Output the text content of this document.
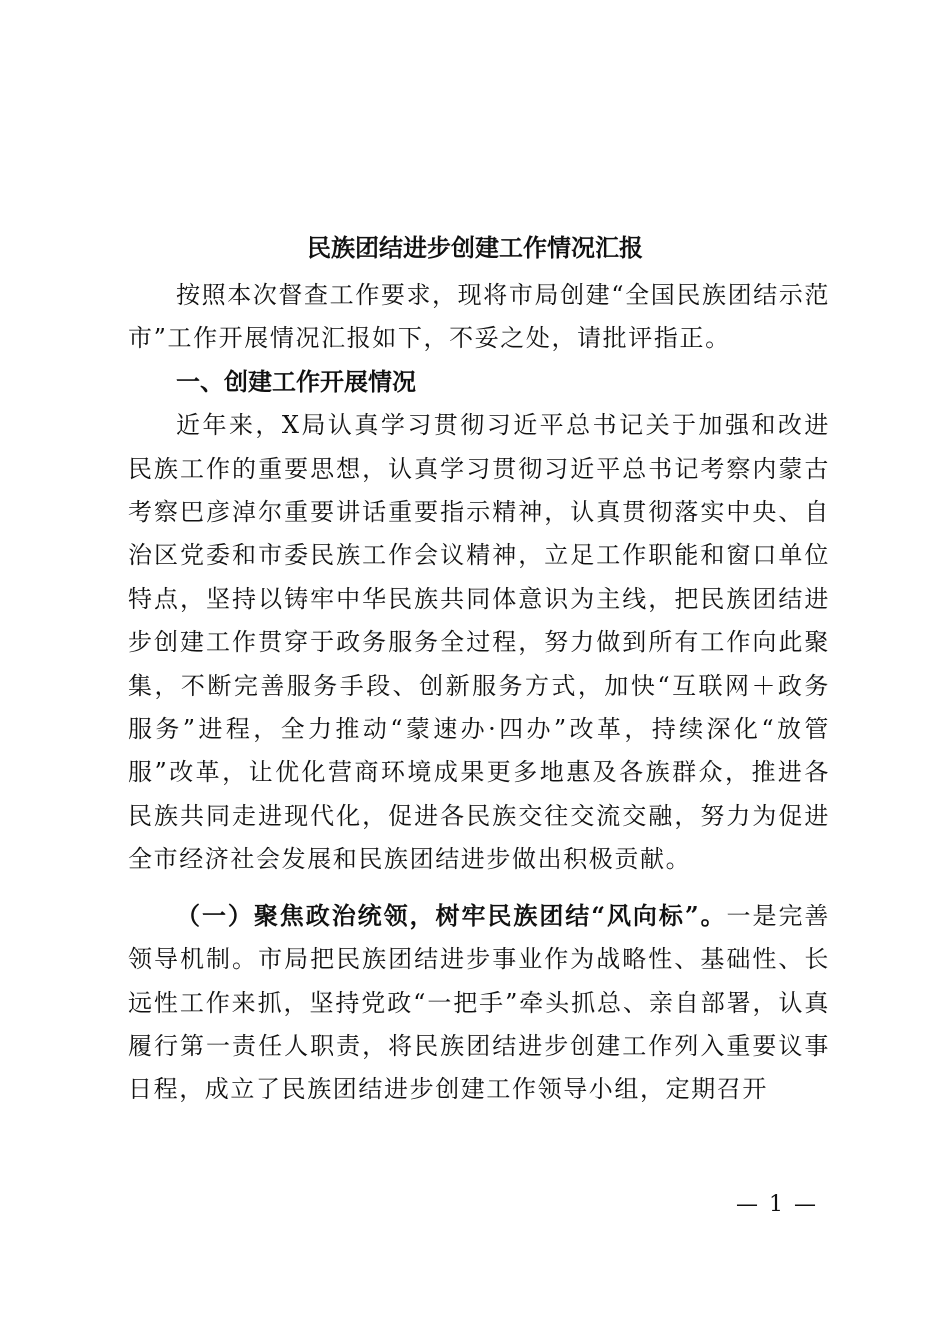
民族团结进步创建工作情况汇报

按照本次督查工作要求，现将市局创建“全国民族团结示范市”工作开展情况汇报如下，不妥之处，请批评指正。

一、创建工作开展情况

近年来，X局认真学习贯彻习近平总书记关于加强和改进民族工作的重要思想，认真学习贯彻习近平总书记考察内蒙古考察巴彦淖尔重要讲话重要指示精神，认真贯彻落实中央、自治区党委和市委民族工作会议精神，立足工作职能和窗口单位特点，坚持以铸牢中华民族共同体意识为主线，把民族团结进步创建工作贯穿于政务服务全过程，努力做到所有工作向此聚集，不断完善服务手段、创新服务方式，加快“互联网＋政务服务”进程，全力推动“蒙速办·四办”改革，持续深化“放管服”改革，让优化营商环境成果更多地惠及各族群众，推进各民族共同走进现代化，促进各民族交往交流交融，努力为促进全市经济社会发展和民族团结进步做出积极贡献。

（一）聚焦政治统领，树牢民族团结“风向标”。一是完善领导机制。市局把民族团结进步事业作为战略性、基础性、长远性工作来抓，坚持党政“一把手”牵头抓总、亲自部署，认真履行第一责任人职责，将民族团结进步创建工作列入重要议事日程，成立了民族团结进步创建工作领导小组，定期召开

— 1 —
